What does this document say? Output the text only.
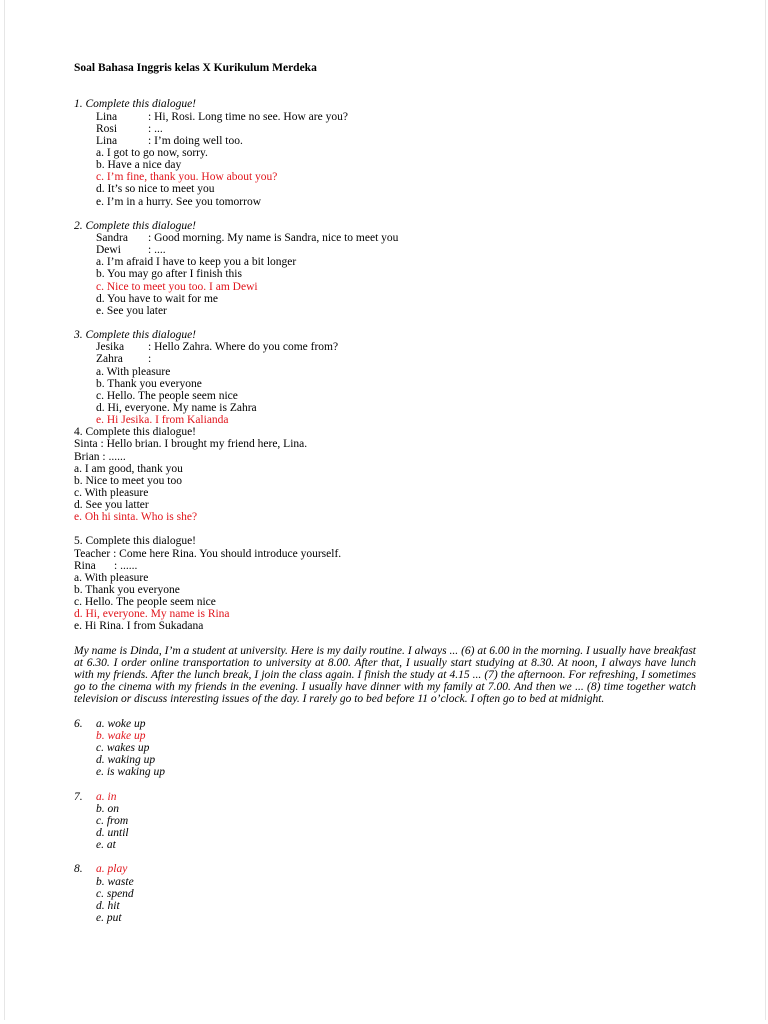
Soal Bahasa Inggris kelas X Kurikulum Merdeka
1. Complete this dialogue!
Lina	: Hi, Rosi. Long time no see. How are you?
Rosi	: ...
Lina	: I’m doing well too.
a. I got to go now, sorry.
b. Have a nice day
c. I’m fine, thank you. How about you?
d. It’s so nice to meet you
e. I’m in a hurry. See you tomorrow
2. Complete this dialogue!
Sandra : Good morning. My name is Sandra, nice to meet you
Dewi : ....
a. I’m afraid I have to keep you a bit longer
b. You may go after I finish this
c. Nice to meet you too. I am Dewi
d. You have to wait for me
e. See you later
3. Complete this dialogue!
Jesika : Hello Zahra. Where do you come from?
Zahra :
a. With pleasure
b. Thank you everyone
c. Hello. The people seem nice
d. Hi, everyone. My name is Zahra
e. Hi Jesika. I from Kalianda
4. Complete this dialogue!
Sinta : Hello brian. I brought my friend here, Lina.
Brian : ......
a. I am good, thank you
b. Nice to meet you too
c. With pleasure
d. See you latter
e. Oh hi sinta. Who is she?
5. Complete this dialogue!
Teacher : Come here Rina. You should introduce yourself.
Rina : ......
a. With pleasure
b. Thank you everyone
c. Hello. The people seem nice
d. Hi, everyone. My name is Rina
e. Hi Rina. I from Sukadana
My name is Dinda, I’m a student at university. Here is my daily routine. I always ... (6) at 6.00 in the morning. I usually have breakfast at 6.30. I order online transportation to university at 8.00. After that, I usually start studying at 8.30. At noon, I always have lunch with my friends. After the lunch break, I join the class again. I finish the study at 4.15 ... (7) the afternoon. For refreshing, I sometimes go to the cinema with my friends in the evening. I usually have dinner with my family at 7.00. And then we ... (8) time together watch television or discuss interesting issues of the day. I rarely go to bed before 11 o’clock. I often go to bed at midnight.
6. a. woke up
b. wake up
c. wakes up
d. waking up
e. is waking up
7. a. in
b. on
c. from
d. until
e. at
8. a. play
b. waste
c. spend
d. hit
e. put
